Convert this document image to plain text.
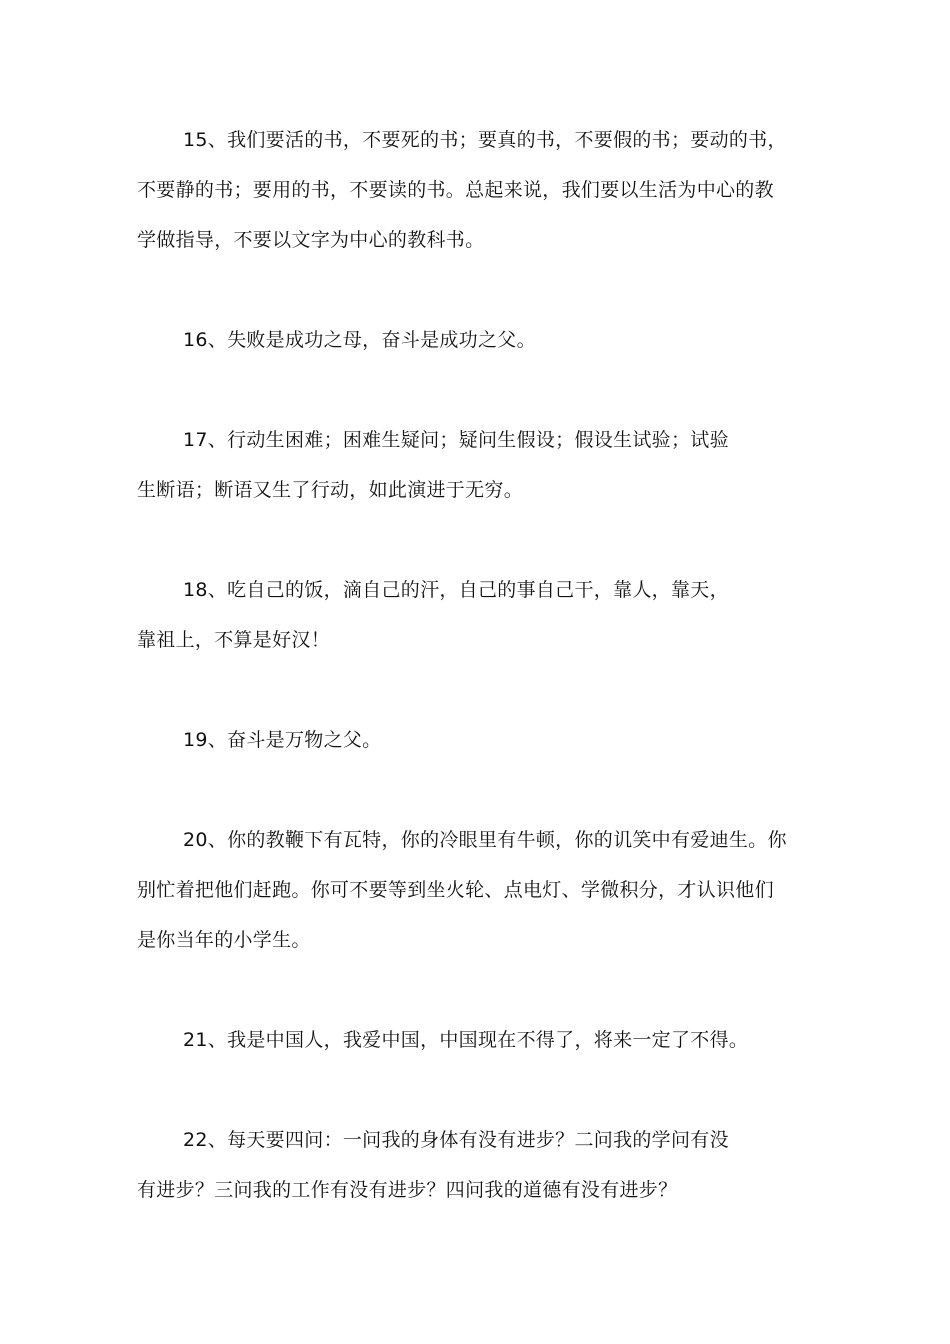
15、我们要活的书，不要死的书；要真的书，不要假的书；要动的书，
不要静的书；要用的书，不要读的书。总起来说，我们要以生活为中心的教
学做指导，不要以文字为中心的教科书。
16、失败是成功之母，奋斗是成功之父。
17、行动生困难；困难生疑问；疑问生假设；假设生试验；试验
生断语；断语又生了行动，如此演进于无穷。
18、吃自己的饭，滴自己的汗，自己的事自己干，靠人，靠天，
靠祖上，不算是好汉！
19、奋斗是万物之父。
20、你的教鞭下有瓦特，你的冷眼里有牛顿，你的讥笑中有爱迪生。你
别忙着把他们赶跑。你可不要等到坐火轮、点电灯、学微积分，才认识他们
是你当年的小学生。
21、我是中国人，我爱中国，中国现在不得了，将来一定了不得。
22、每天要四问：一问我的身体有没有进步？二问我的学问有没
有进步？三问我的工作有没有进步？四问我的道德有没有进步？
